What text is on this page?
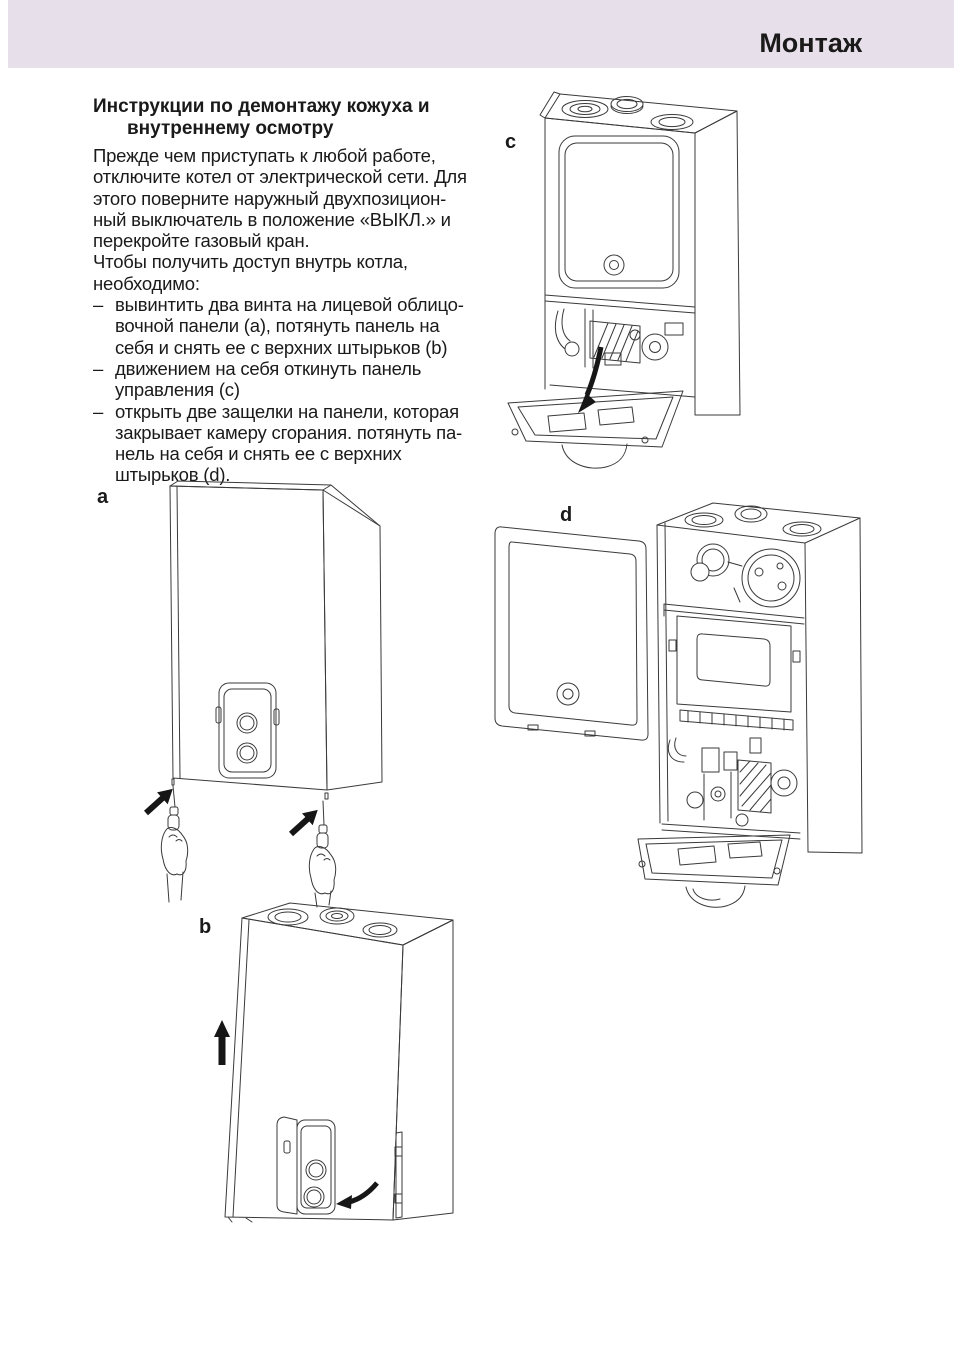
Монтаж
Инструкции по демонтажу кожуха и
внутреннему осмотру
Прежде чем приступать к любой работе,
отключите котел от электрической сети. Для
этого поверните наружный двухпозицион-
ный выключатель в положение «ВЫКЛ.» и
перекройте газовый кран.
Чтобы получить доступ внутрь котла,
необходимо:
– вывинтить два винта на лицевой облицо-
вочной панели (a), потянуть панель на
себя и снять ее с верхних штырьков (b)
– движением на себя откинуть панель
управления (c)
– открыть две защелки на панели, которая
закрывает камеру сгорания. потянуть па-
нель на себя и снять ее с верхних
штырьков (d).
a
b
c
d
